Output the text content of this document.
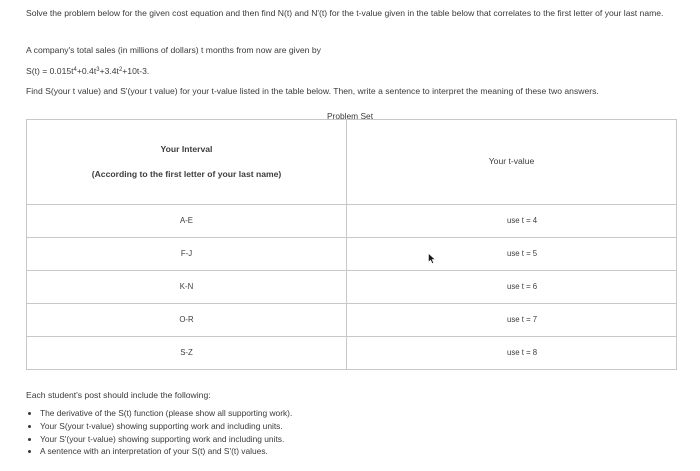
Solve the problem below for the given cost equation and then find N(t) and N'(t) for the t-value given in the table below that correlates to the first letter of your last name.

A company's total sales (in millions of dollars) t months from now are given by

$S(t) = 0.015t^4+0.4t^3+3.4t^2+10t-3$.

Find S(your t value) and S'(your t value) for your t-value listed in the table below. Then, write a sentence to interpret the meaning of these two answers.

Problem Set
Your Interval
(According to the first letter of your last name)	Your t-value
A-E	use t = 4
F-J	use t = 5
K-N	use t = 6
O-R	use t = 7
S-Z	use t = 8

Each student's post should include the following:

• The derivative of the S(t) function (please show all supporting work).
• Your S(your t-value) showing supporting work and including units.
• Your S'(your t-value) showing supporting work and including units.
• A sentence with an interpretation of your S(t) and S'(t) values.
